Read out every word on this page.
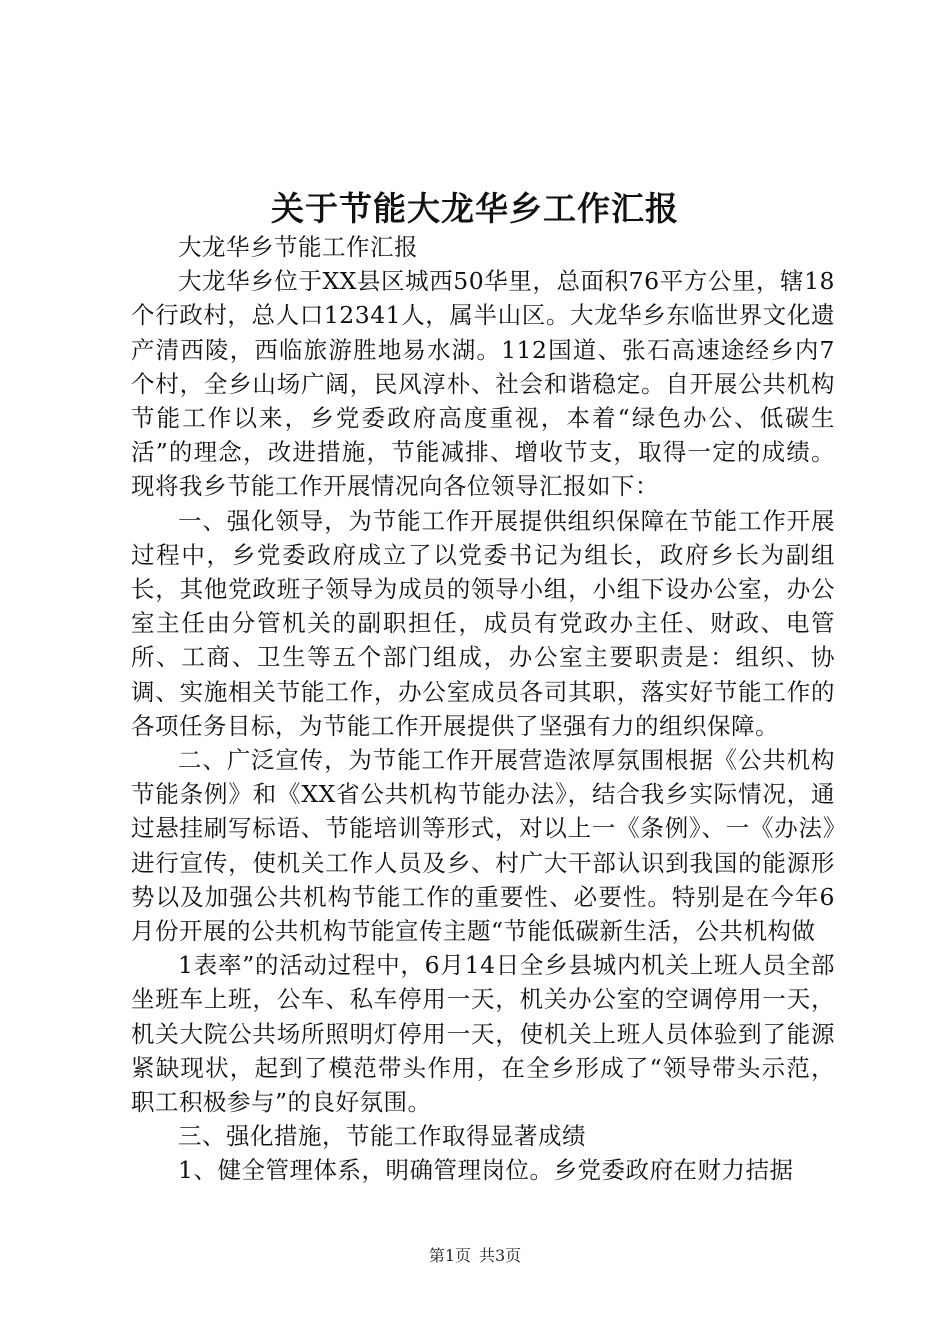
关于节能大龙华乡工作汇报

大龙华乡节能工作汇报

大龙华乡位于XX县区城西50华里，总面积76平方公里，辖18个行政村，总人口12341人，属半山区。大龙华乡东临世界文化遗产清西陵，西临旅游胜地易水湖。112国道、张石高速途经乡内7个村，全乡山场广阔，民风淳朴、社会和谐稳定。自开展公共机构节能工作以来，乡党委政府高度重视，本着“绿色办公、低碳生活”的理念，改进措施，节能减排、增收节支，取得一定的成绩。现将我乡节能工作开展情况向各位领导汇报如下：

一、强化领导，为节能工作开展提供组织保障在节能工作开展过程中，乡党委政府成立了以党委书记为组长，政府乡长为副组长，其他党政班子领导为成员的领导小组，小组下设办公室，办公室主任由分管机关的副职担任，成员有党政办主任、财政、电管所、工商、卫生等五个部门组成，办公室主要职责是：组织、协调、实施相关节能工作，办公室成员各司其职，落实好节能工作的各项任务目标，为节能工作开展提供了坚强有力的组织保障。

二、广泛宣传，为节能工作开展营造浓厚氛围根据《公共机构节能条例》和《XX省公共机构节能办法》，结合我乡实际情况，通过悬挂刷写标语、节能培训等形式，对以上一《条例》、一《办法》进行宣传，使机关工作人员及乡、村广大干部认识到我国的能源形势以及加强公共机构节能工作的重要性、必要性。特别是在今年6月份开展的公共机构节能宣传主题“节能低碳新生活，公共机构做

1表率”的活动过程中，6月14日全乡县城内机关上班人员全部坐班车上班，公车、私车停用一天，机关办公室的空调停用一天，机关大院公共场所照明灯停用一天，使机关上班人员体验到了能源紧缺现状，起到了模范带头作用，在全乡形成了“领导带头示范，职工积极参与”的良好氛围。

三、强化措施，节能工作取得显著成绩

1、健全管理体系，明确管理岗位。乡党委政府在财力拮据

第1页 共3页
